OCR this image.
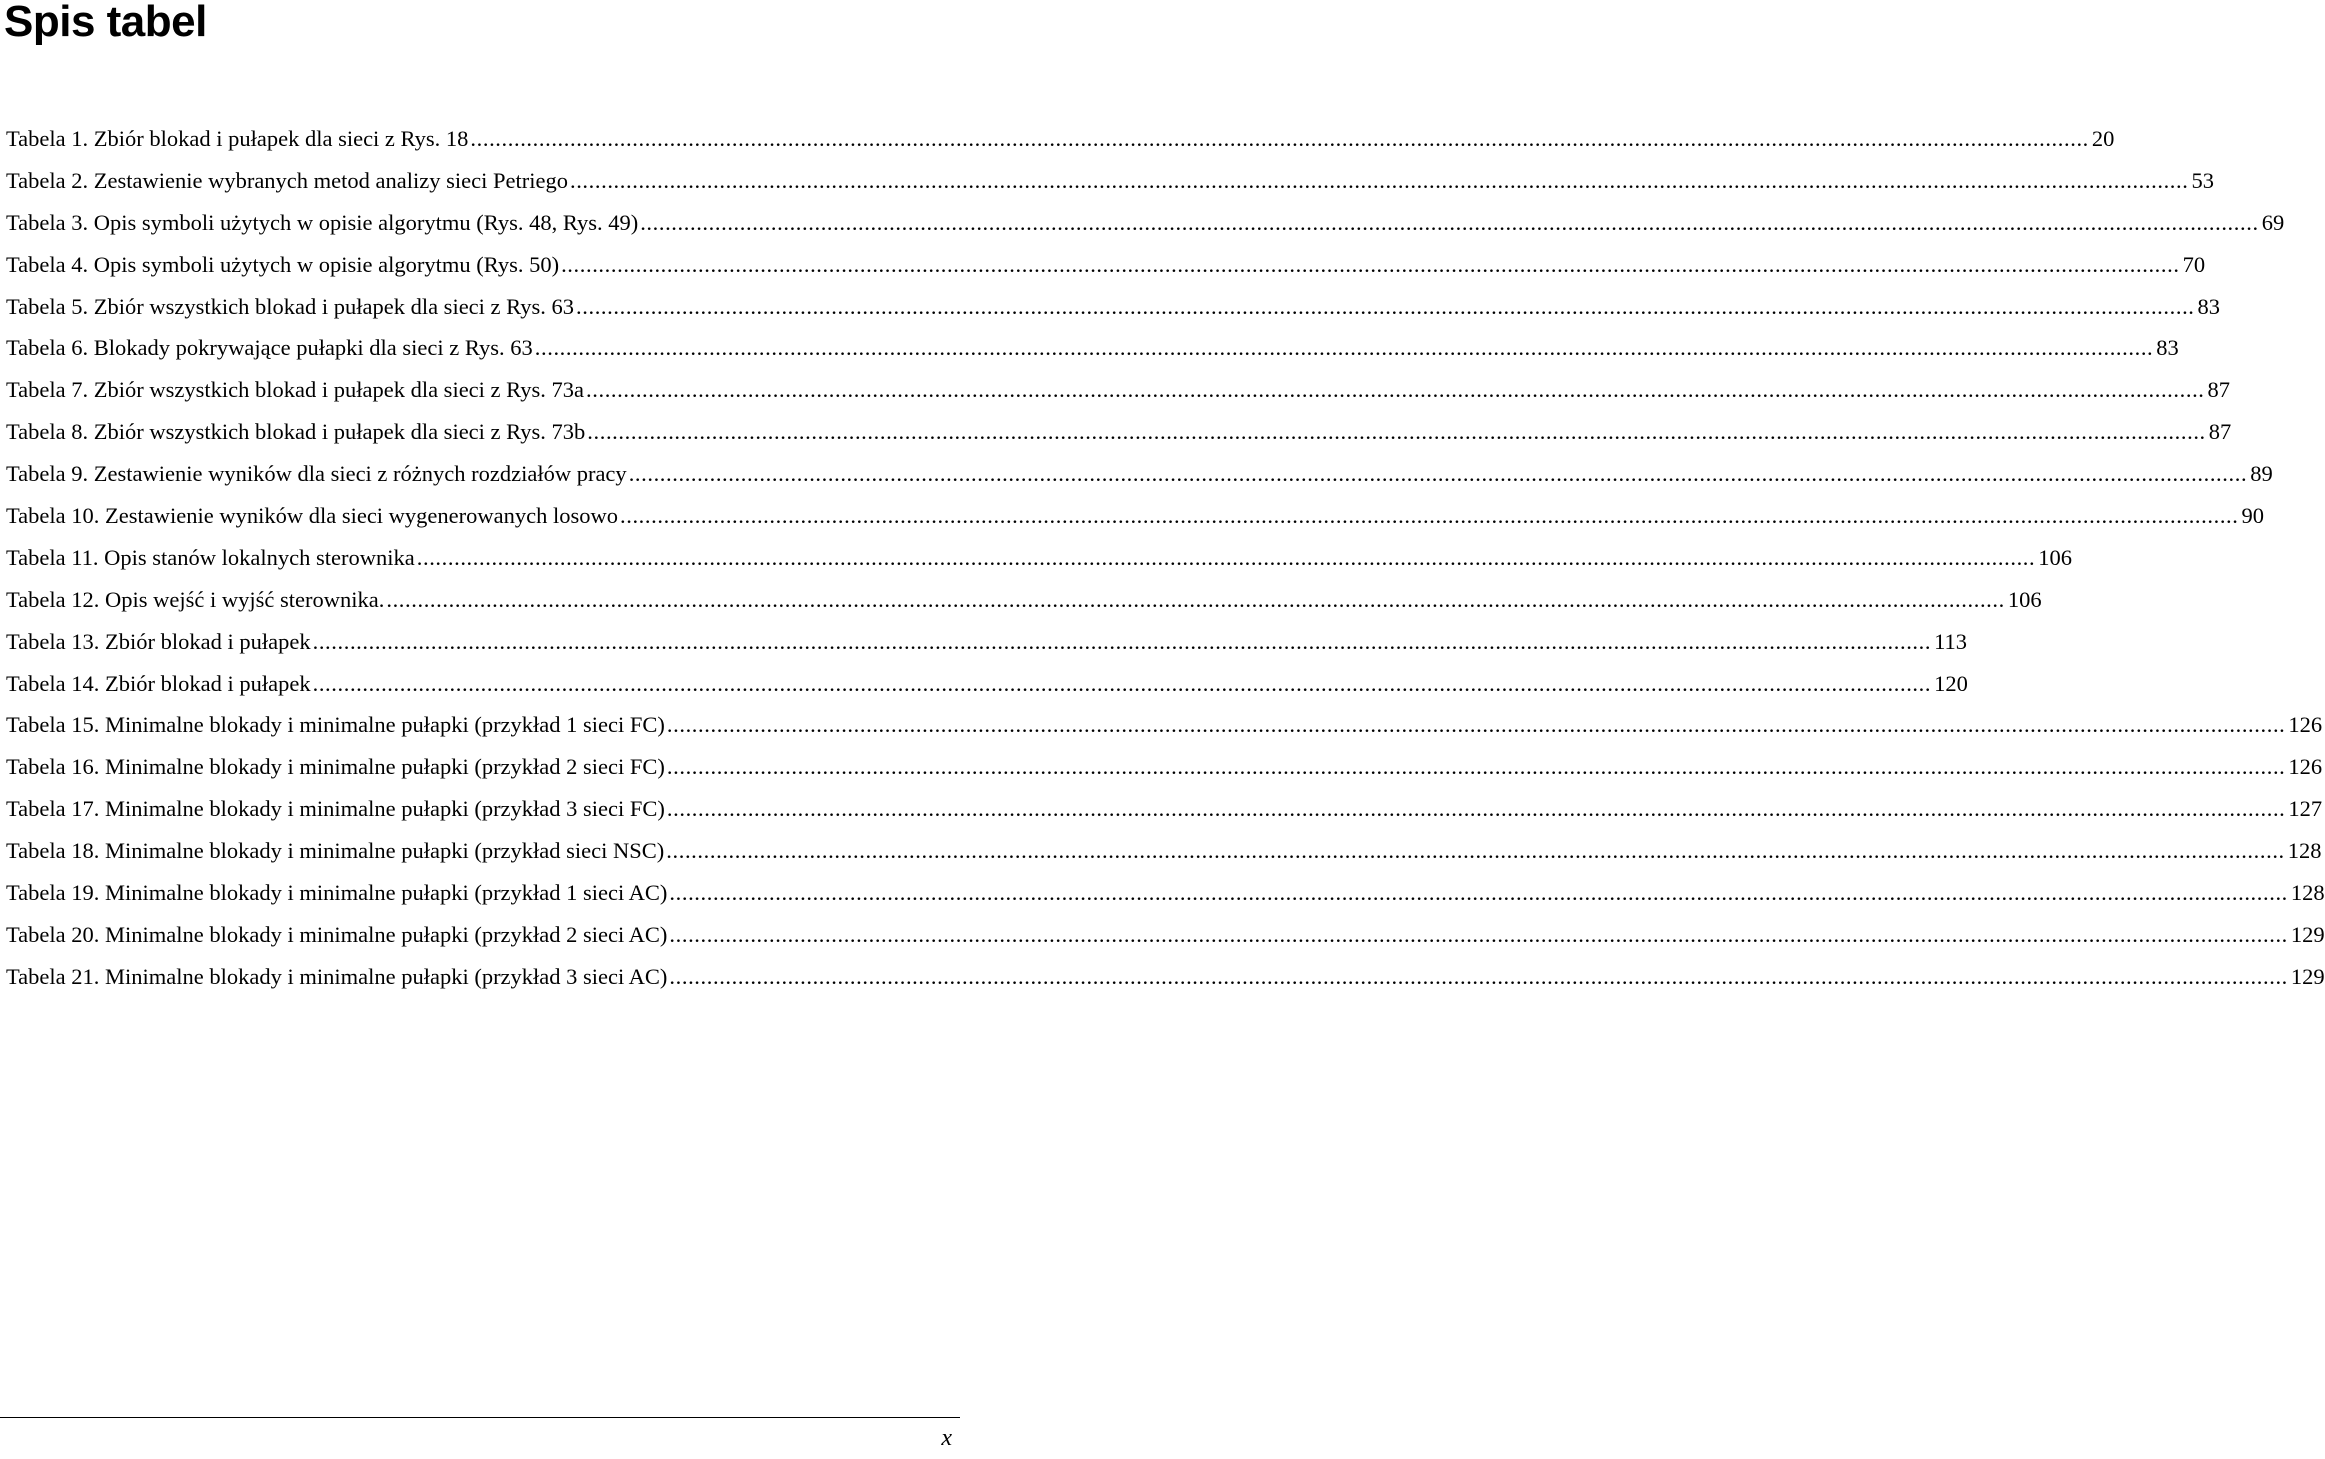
Spis tabel
Tabela 1. Zbiór blokad i pułapek dla sieci z Rys. 18 .................................................................................................................................................................................................................................................................... 20
Tabela 2. Zestawienie wybranych metod analizy sieci Petriego .................................................................................................................................................................................................................................................................... 53
Tabela 3. Opis symboli użytych w opisie algorytmu (Rys. 48, Rys. 49) .................................................................................................................................................................................................................................................................... 69
Tabela 4. Opis symboli użytych w opisie algorytmu (Rys. 50) .................................................................................................................................................................................................................................................................... 70
Tabela 5. Zbiór wszystkich blokad i pułapek dla sieci z Rys. 63 .................................................................................................................................................................................................................................................................... 83
Tabela 6. Blokady pokrywające pułapki dla sieci z Rys. 63 .................................................................................................................................................................................................................................................................... 83
Tabela 7. Zbiór wszystkich blokad i pułapek dla sieci z Rys. 73a .................................................................................................................................................................................................................................................................... 87
Tabela 8. Zbiór wszystkich blokad i pułapek dla sieci z Rys. 73b .................................................................................................................................................................................................................................................................... 87
Tabela 9. Zestawienie wyników dla sieci z różnych rozdziałów pracy .................................................................................................................................................................................................................................................................... 89
Tabela 10. Zestawienie wyników dla sieci wygenerowanych losowo .................................................................................................................................................................................................................................................................... 90
Tabela 11. Opis stanów lokalnych sterownika .................................................................................................................................................................................................................................................................... 106
Tabela 12. Opis wejść i wyjść sterownika. .................................................................................................................................................................................................................................................................... 106
Tabela 13. Zbiór blokad i pułapek .................................................................................................................................................................................................................................................................... 113
Tabela 14. Zbiór blokad i pułapek .................................................................................................................................................................................................................................................................... 120
Tabela 15. Minimalne blokady i minimalne pułapki (przykład 1 sieci FC) .................................................................................................................................................................................................................................................................... 126
Tabela 16. Minimalne blokady i minimalne pułapki (przykład 2 sieci FC) .................................................................................................................................................................................................................................................................... 126
Tabela 17. Minimalne blokady i minimalne pułapki (przykład 3 sieci FC) .................................................................................................................................................................................................................................................................... 127
Tabela 18. Minimalne blokady i minimalne pułapki (przykład sieci NSC) .................................................................................................................................................................................................................................................................... 128
Tabela 19. Minimalne blokady i minimalne pułapki (przykład 1 sieci AC) .................................................................................................................................................................................................................................................................... 128
Tabela 20. Minimalne blokady i minimalne pułapki (przykład 2 sieci AC) .................................................................................................................................................................................................................................................................... 129
Tabela 21. Minimalne blokady i minimalne pułapki (przykład 3 sieci AC) .................................................................................................................................................................................................................................................................... 129
x
